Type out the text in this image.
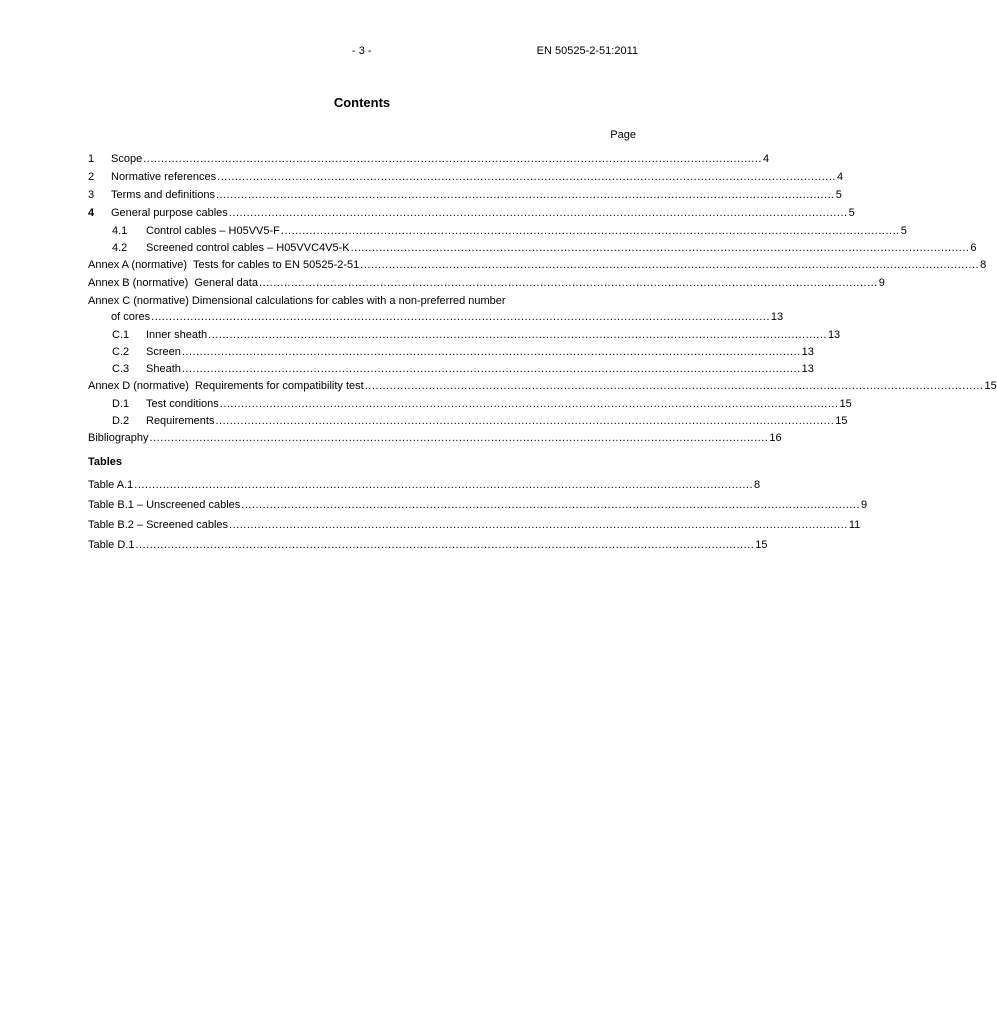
- 3 -	EN 50525-2-51:2011
Contents
Page
1	Scope .............................................................................................................................................................................. 4
2	Normative references .............................................................................................................................................................................. 4
3	Terms and definitions .............................................................................................................................................................................. 5
4	General purpose cables .............................................................................................................................................................................. 5
4.1	Control cables – H05VV5-F .............................................................................................................................................................................. 5
4.2	Screened control cables – H05VVC4V5-K .............................................................................................................................................................................. 6
Annex A (normative)  Tests for cables to EN 50525-2-51 .............................................................................................................................................................................. 8
Annex B (normative)  General data .............................................................................................................................................................................. 9
Annex C (normative) Dimensional calculations for cables with a non-preferred number
of cores .............................................................................................................................................................................. 13
C.1	Inner sheath .............................................................................................................................................................................. 13
C.2	Screen .............................................................................................................................................................................. 13
C.3	Sheath .............................................................................................................................................................................. 13
Annex D (normative)  Requirements for compatibility test .............................................................................................................................................................................. 15
D.1	Test conditions .............................................................................................................................................................................. 15
D.2	Requirements .............................................................................................................................................................................. 15
Bibliography .............................................................................................................................................................................. 16
Tables
Table A.1 .............................................................................................................................................................................. 8
Table B.1 – Unscreened cables .............................................................................................................................................................................. 9
Table B.2 – Screened cables .............................................................................................................................................................................. 11
Table D.1 .............................................................................................................................................................................. 15
